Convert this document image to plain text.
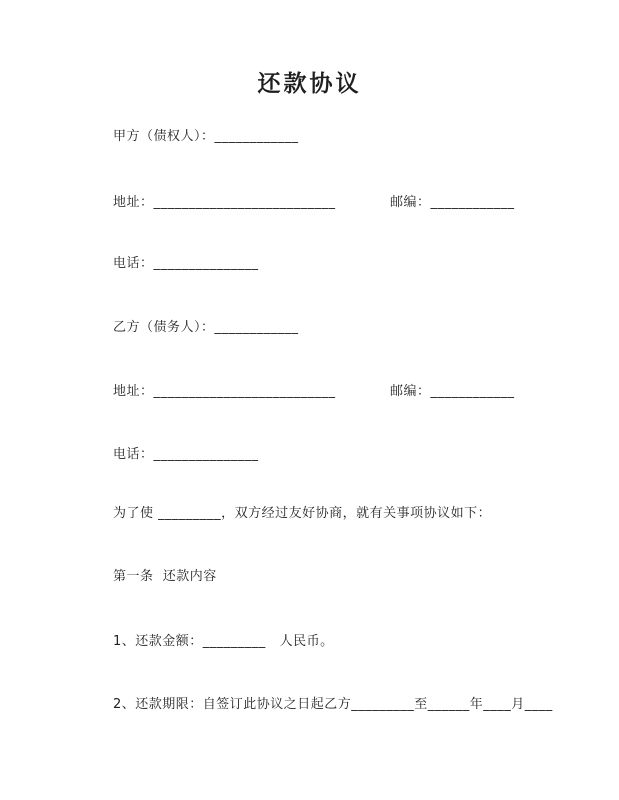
还款协议
甲方（债权人）：____________
地址：__________________________	邮编：____________
电话：_______________
乙方（债务人）：____________
地址：__________________________	邮编：____________
电话：_______________
为了使 _________，双方经过友好协商，就有关事项协议如下：
第一条  还款内容
1、还款金额：_________   人民币。
2、还款期限：自签订此协议之日起乙方_________至______年____月____
